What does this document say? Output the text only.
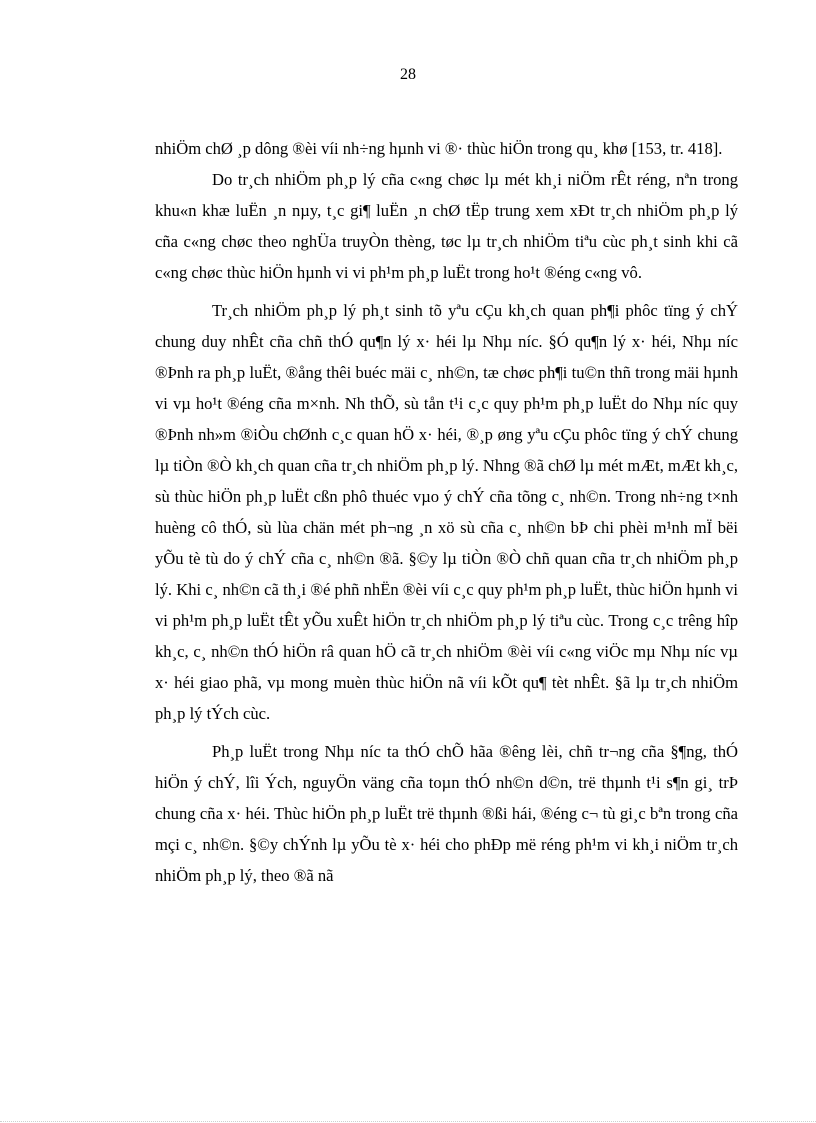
28

nhiÖm chØ ¸p dông ®èi víi nh÷ng hµnh vi ®· thùc hiÖn trong qu¸ khø [153, tr. 418].

Do tr¸ch nhiÖm ph¸p lý cña c«ng chøc lµ mét kh¸i niÖm rÊt réng, nªn trong khu«n khæ luËn ¸n nµy, t¸c gi¶ luËn ¸n chØ tËp trung xem xÐt tr¸ch nhiÖm ph¸p lý cña c«ng chøc theo nghÜa truyÒn thèng, tøc lµ tr¸ch nhiÖm tiªu cùc ph¸t sinh khi cã c«ng chøc thùc hiÖn hµnh vi vi ph¹m ph¸p luËt trong ho¹t ®éng c«ng vô.

Tr¸ch nhiÖm ph¸p lý ph¸t sinh tõ yªu cÇu kh¸ch quan ph¶i phôc tïng ý chÝ chung duy nhÊt cña chñ thÓ qu¶n lý x· héi lµ Nhµ níc. §Ó qu¶n lý x· héi, Nhµ níc ®Þnh ra ph¸p luËt, ®ång thêi buéc mäi c¸ nh©n, tæ chøc ph¶i tu©n thñ trong mäi hµnh vi vµ ho¹t ®éng cña m×nh. Nh thÕ, sù tån t¹i c¸c quy ph¹m ph¸p luËt do Nhµ níc quy ®Þnh nh»m ®iÒu chØnh c¸c quan hÖ x· héi, ®¸p øng yªu cÇu phôc tïng ý chÝ chung lµ tiÒn ®Ò kh¸ch quan cña tr¸ch nhiÖm ph¸p lý. Nhng ®ã chØ lµ mét mÆt, mÆt kh¸c, sù thùc hiÖn ph¸p luËt cßn phô thuéc vµo ý chÝ cña tõng c¸ nh©n. Trong nh÷ng t×nh huèng cô thÓ, sù lùa chän mét ph¬ng ¸n xö sù cña c¸ nh©n bÞ chi phèi m¹nh mÏ bëi yÕu tè tù do ý chÝ cña c¸ nh©n ®ã. §©y lµ tiÒn ®Ò chñ quan cña tr¸ch nhiÖm ph¸p lý. Khi c¸ nh©n cã th¸i ®é phñ nhËn ®èi víi c¸c quy ph¹m ph¸p luËt, thùc hiÖn hµnh vi vi ph¹m ph¸p luËt tÊt yÕu xuÊt hiÖn tr¸ch nhiÖm ph¸p lý tiªu cùc. Trong c¸c trêng hîp kh¸c, c¸ nh©n thÓ hiÖn râ quan hÖ cã tr¸ch nhiÖm ®èi víi c«ng viÖc mµ Nhµ níc vµ x· héi giao phã, vµ mong muèn thùc hiÖn nã víi kÕt qu¶ tèt nhÊt. §ã lµ tr¸ch nhiÖm ph¸p lý tÝch cùc.

Ph¸p luËt trong Nhµ níc ta thÓ chÕ hãa ®êng lèi, chñ tr¬ng cña §¶ng, thÓ hiÖn ý chÝ, lîi Ých, nguyÖn väng cña toµn thÓ nh©n d©n, trë thµnh t¹i s¶n gi¸ trÞ chung cña x· héi. Thùc hiÖn ph¸p luËt trë thµnh ®ßi hái, ®éng c¬ tù gi¸c bªn trong cña mçi c¸ nh©n. §©y chÝnh lµ yÕu tè x· héi cho phÐp më réng ph¹m vi kh¸i niÖm tr¸ch nhiÖm ph¸p lý, theo ®ã nã
